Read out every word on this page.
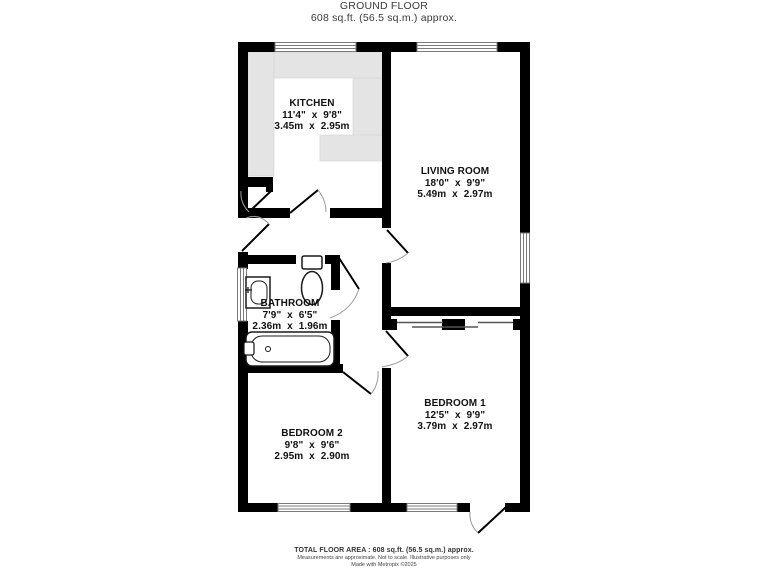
GROUND FLOOR
608 sq.ft. (56.5 sq.m.) approx.
KITCHEN
11'4" x 9'8"
3.45m x 2.95m
LIVING ROOM
18'0" x 9'9"
5.49m x 2.97m
BATHROOM
7'9" x 6'5"
2.36m x 1.96m
BEDROOM 1
12'5" x 9'9"
3.79m x 2.97m
BEDROOM 2
9'8" x 9'6"
2.95m x 2.90m
TOTAL FLOOR AREA : 608 sq.ft. (56.5 sq.m.) approx.
Measurements are approximate. Not to scale. Illustrative purposes only
Made with Metropix ©2025
